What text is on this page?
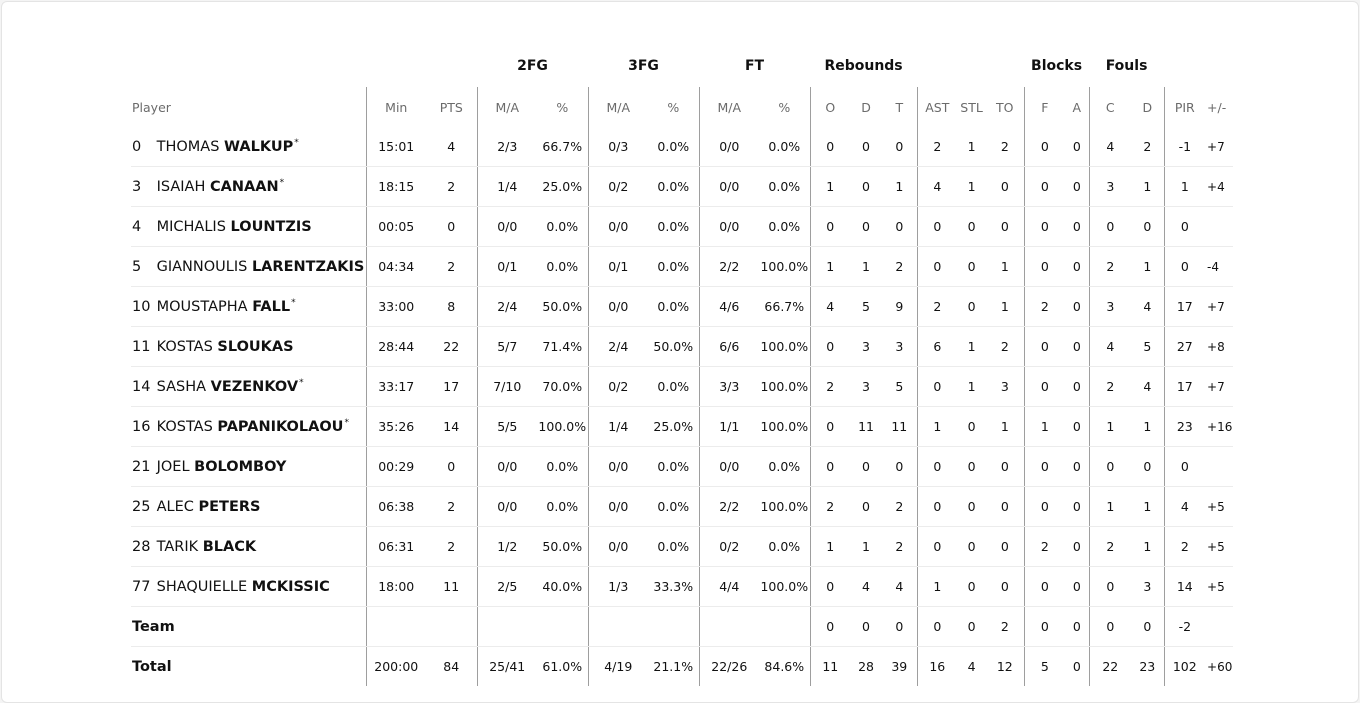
			2FG		3FG		FT		Rebounds						Blocks		Fouls			
Player	Min	PTS	M/A	%	M/A	%	M/A	%	O	D	T	AST	STL	TO	F	A	C	D	PIR	+/-
0 THOMAS WALKUP*	15:01	4	2/3	66.7%	0/3	0.0%	0/0	0.0%	0	0	0	2	1	2	0	0	4	2	-1	+7
3 ISAIAH CANAAN*	18:15	2	1/4	25.0%	0/2	0.0%	0/0	0.0%	1	0	1	4	1	0	0	0	3	1	1	+4
4 MICHALIS LOUNTZIS	00:05	0	0/0	0.0%	0/0	0.0%	0/0	0.0%	0	0	0	0	0	0	0	0	0	0	0	
5 GIANNOULIS LARENTZAKIS	04:34	2	0/1	0.0%	0/1	0.0%	2/2	100.0%	1	1	2	0	0	1	0	0	2	1	0	-4
10 MOUSTAPHA FALL*	33:00	8	2/4	50.0%	0/0	0.0%	4/6	66.7%	4	5	9	2	0	1	2	0	3	4	17	+7
11 KOSTAS SLOUKAS	28:44	22	5/7	71.4%	2/4	50.0%	6/6	100.0%	0	3	3	6	1	2	0	0	4	5	27	+8
14 SASHA VEZENKOV*	33:17	17	7/10	70.0%	0/2	0.0%	3/3	100.0%	2	3	5	0	1	3	0	0	2	4	17	+7
16 KOSTAS PAPANIKOLAOU*	35:26	14	5/5	100.0%	1/4	25.0%	1/1	100.0%	0	11	11	1	0	1	1	0	1	1	23	+16
21 JOEL BOLOMBOY	00:29	0	0/0	0.0%	0/0	0.0%	0/0	0.0%	0	0	0	0	0	0	0	0	0	0	0	
25 ALEC PETERS	06:38	2	0/0	0.0%	0/0	0.0%	2/2	100.0%	2	0	2	0	0	0	0	0	1	1	4	+5
28 TARIK BLACK	06:31	2	1/2	50.0%	0/0	0.0%	0/2	0.0%	1	1	2	0	0	0	2	0	2	1	2	+5
77 SHAQUIELLE MCKISSIC	18:00	11	2/5	40.0%	1/3	33.3%	4/4	100.0%	0	4	4	1	0	0	0	0	0	3	14	+5
Team									0	0	0	0	0	2	0	0	0	0	-2	
Total	200:00	84	25/41	61.0%	4/19	21.1%	22/26	84.6%	11	28	39	16	4	12	5	0	22	23	102	+60
